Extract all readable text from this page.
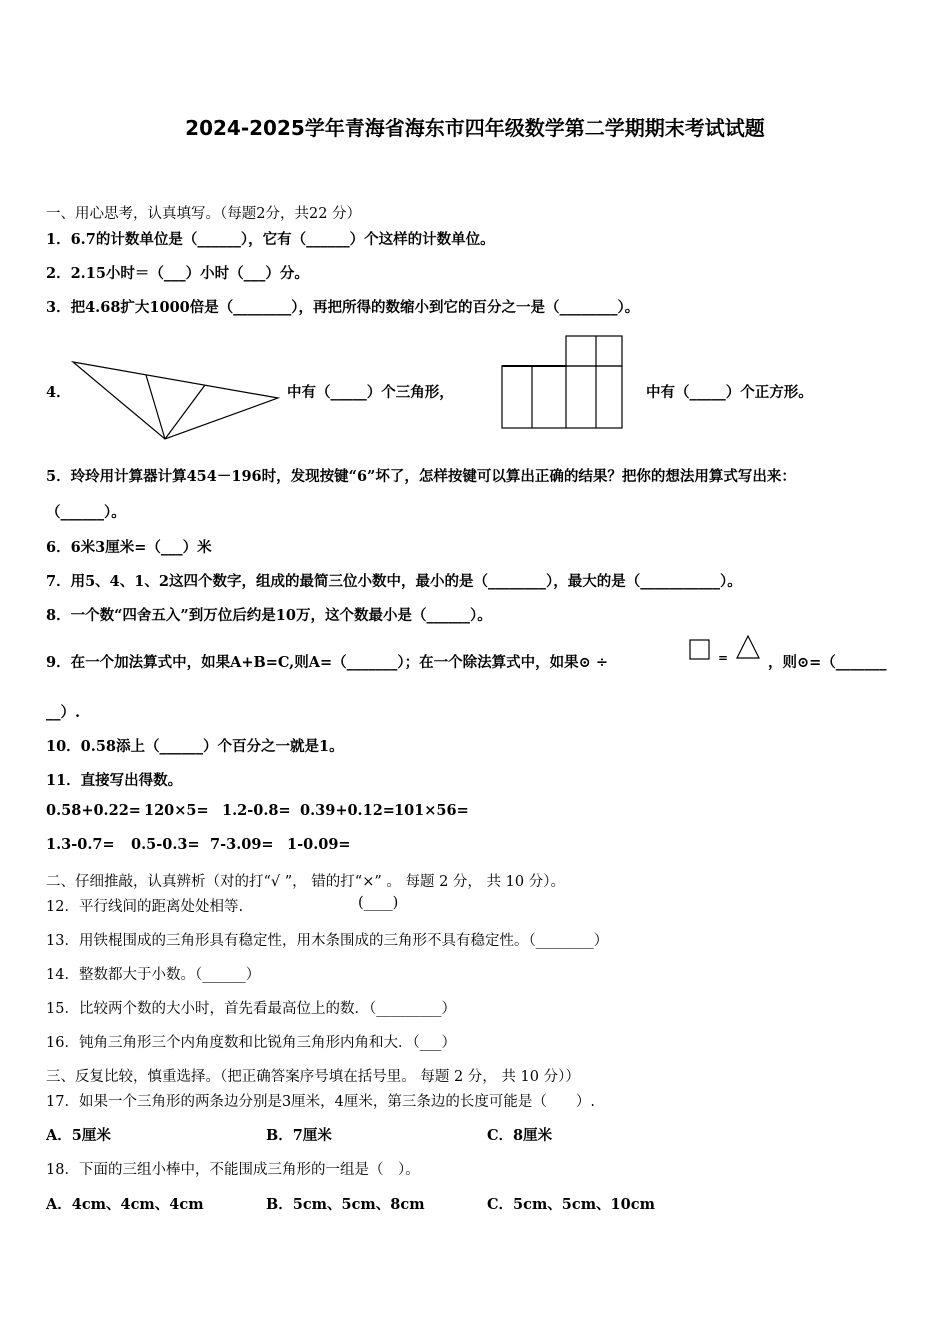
2024-2025学年青海省海东市四年级数学第二学期期末考试试题
一、用心思考，认真填写。（每题2分，共22 分）
1．6.7的计数单位是（______），它有（______）个这样的计数单位。
2．2.15小时＝（___）小时（___）分。
3．把4.68扩大1000倍是（________），再把所得的数缩小到它的百分之一是（________）。
4．	中有（_____）个三角形，	中有（_____）个正方形。
5．玲玲用计算器计算454－196时，发现按键“6”坏了，怎样按键可以算出正确的结果？把你的想法用算式写出来：
（______）。
6．6米3厘米=（___）米
7．用5、4、1、2这四个数字，组成的最简三位小数中，最小的是（________），最大的是（___________）。
8．一个数“四舍五入”到万位后约是10万，这个数最小是（______）。
9．在一个加法算式中，如果A+B=C,则A=（_______）；在一个除法算式中，如果⊙ ÷	=	，则⊙=（_______
__）.
10．0.58添上（______）个百分之一就是1。
11．直接写出得数。
0.58+0.22= 120×5= 1.2-0.8= 0.39+0.12= 101×56=
1.3-0.7= 0.5-0.3= 7-3.09= 1-0.09=
二、仔细推敲，认真辨析（对的打“√ ”， 错的打“×” 。 每题 2 分， 共 10 分）。
12．平行线间的距离处处相等.	(____)
13．用铁棍围成的三角形具有稳定性，用木条围成的三角形不具有稳定性。（________）
14．整数都大于小数。（______）
15．比较两个数的大小时，首先看最高位上的数．（_________）
16．钝角三角形三个内角度数和比锐角三角形内角和大．（___）
三、反复比较，慎重选择。（把正确答案序号填在括号里。 每题 2 分， 共 10 分））
17．如果一个三角形的两条边分别是3厘米，4厘米，第三条边的长度可能是（　　）.
A．5厘米	B．7厘米	C．8厘米
18．下面的三组小棒中，不能围成三角形的一组是（　）。
A．4cm、4cm、4cm	B．5cm、5cm、8cm	C．5cm、5cm、10cm
